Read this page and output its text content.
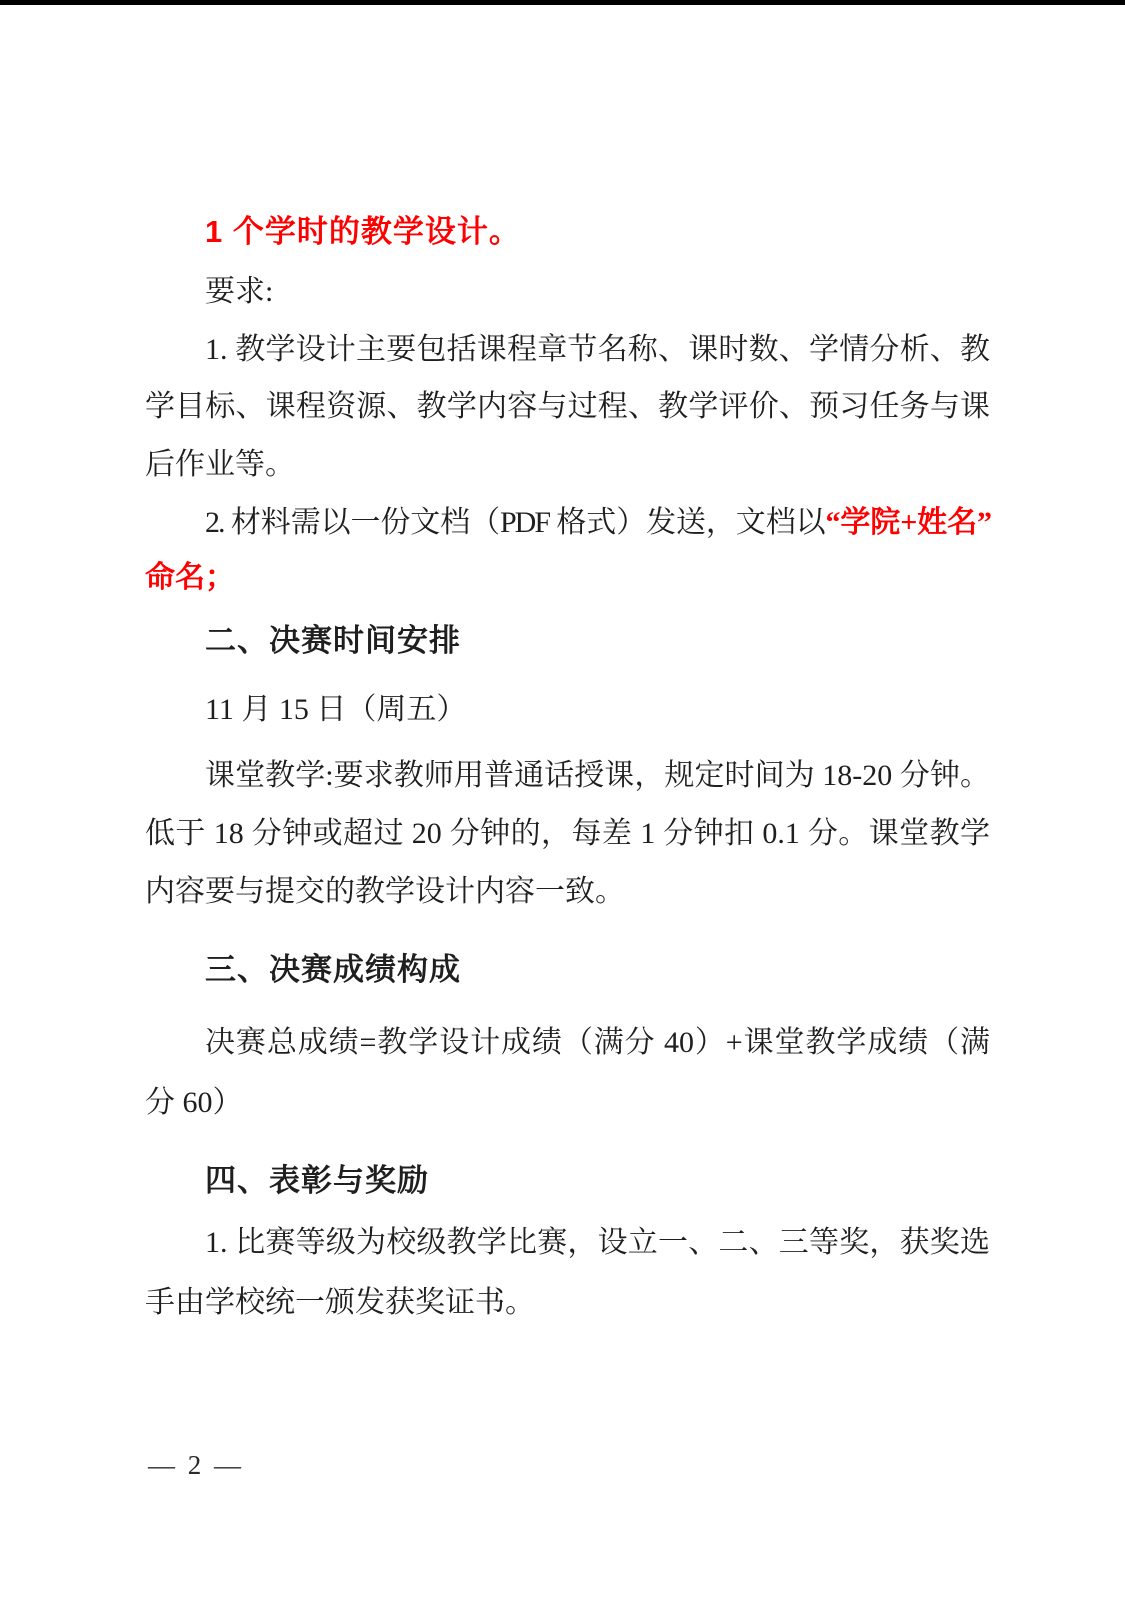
1 个学时的教学设计。

要求:

1. 教学设计主要包括课程章节名称、课时数、学情分析、教

学目标、课程资源、教学内容与过程、教学评价、预习任务与课

后作业等。

2. 材料需以一份文档（PDF 格式）发送，文档以“学院+姓名”

命名；

二、决赛时间安排

11 月 15 日（周五）

课堂教学:要求教师用普通话授课，规定时间为 18-20 分钟。

低于 18 分钟或超过 20 分钟的，每差 1 分钟扣 0.1 分。课堂教学

内容要与提交的教学设计内容一致。

三、决赛成绩构成

决赛总成绩=教学设计成绩（满分 40）+课堂教学成绩（满

分 60）

四、表彰与奖励

1. 比赛等级为校级教学比赛，设立一、二、三等奖，获奖选

手由学校统一颁发获奖证书。

— 2 —
